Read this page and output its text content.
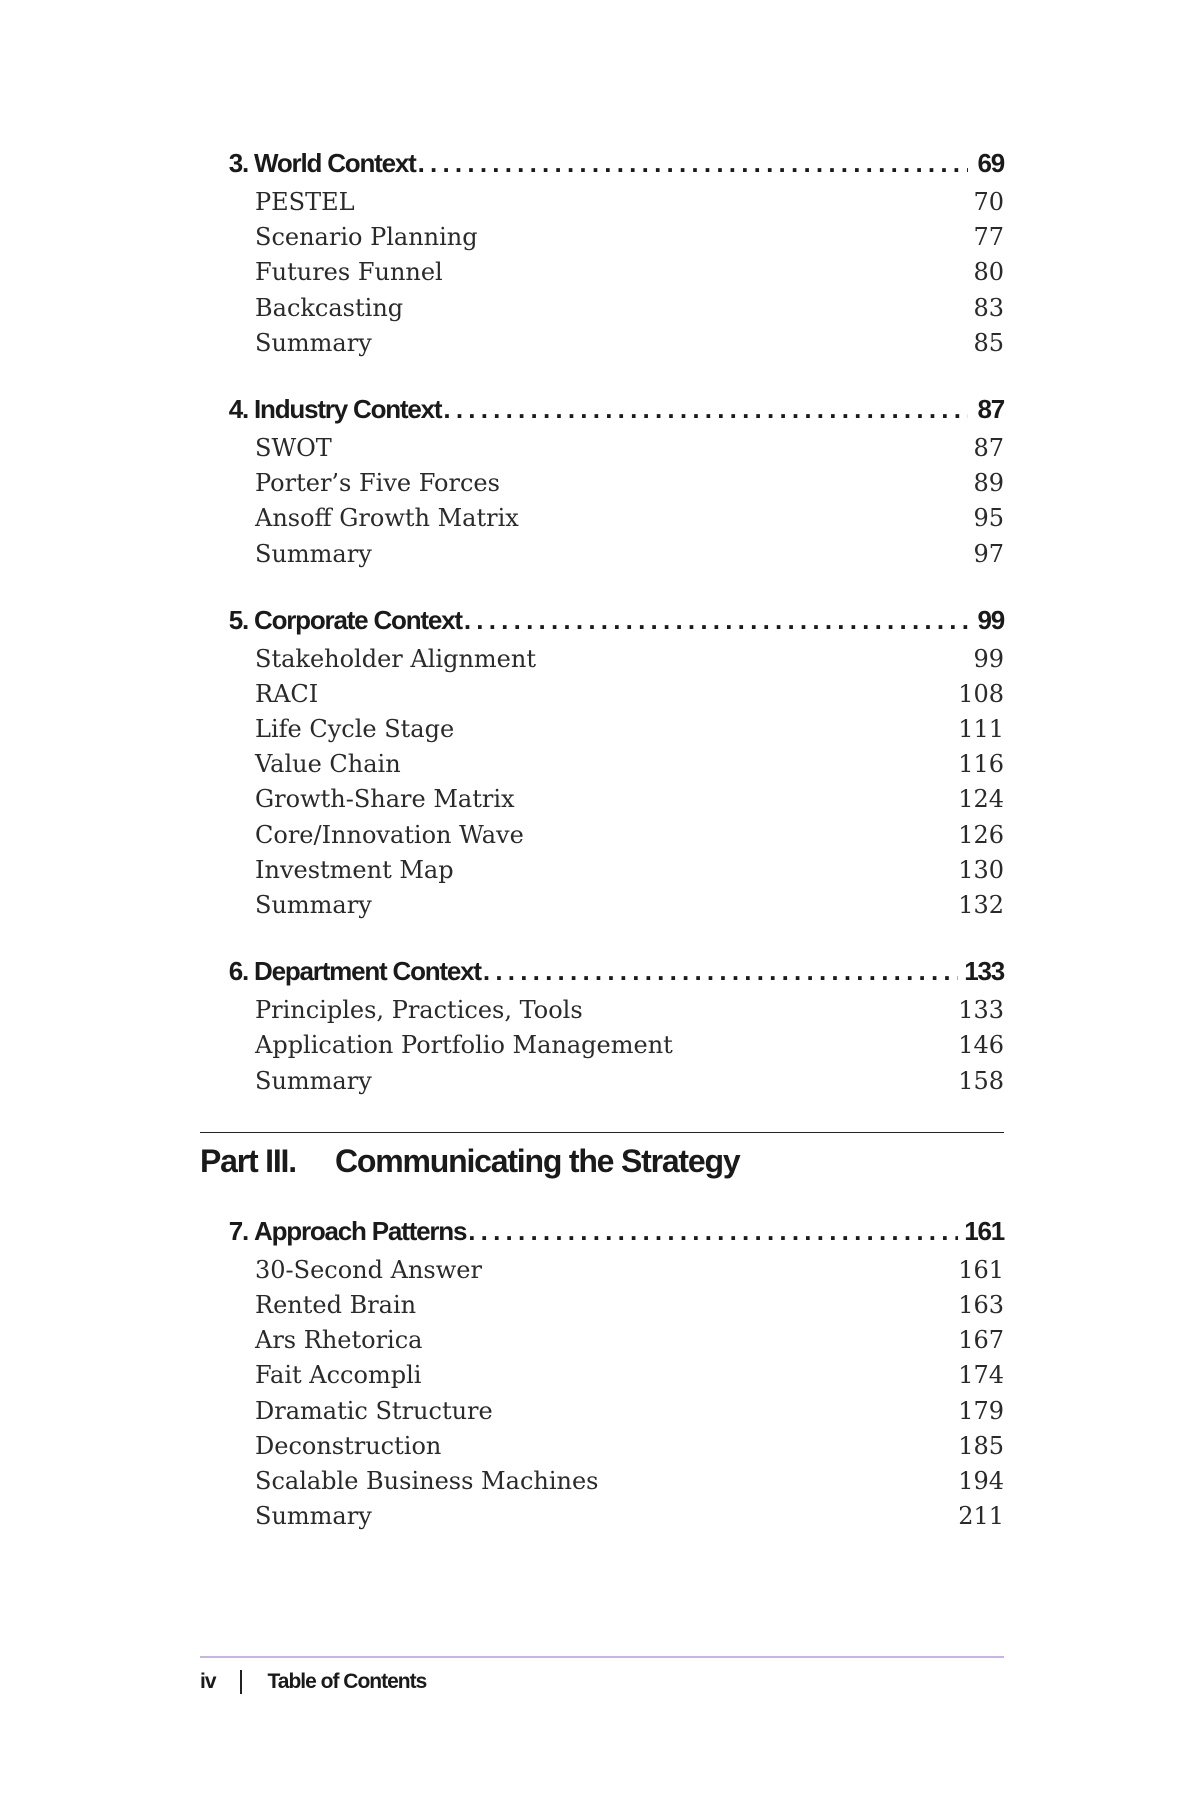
3. World Context . . .	69
PESTEL	70
Scenario Planning	77
Futures Funnel	80
Backcasting	83
Summary	85
4. Industry Context . . .	87
SWOT	87
Porter’s Five Forces	89
Ansoff Growth Matrix	95
Summary	97
5. Corporate Context . . .	99
Stakeholder Alignment	99
RACI	108
Life Cycle Stage	111
Value Chain	116
Growth-Share Matrix	124
Core/Innovation Wave	126
Investment Map	130
Summary	132
6. Department Context . . .	133
Principles, Practices, Tools	133
Application Portfolio Management	146
Summary	158
Part III.	Communicating the Strategy
7. Approach Patterns . . .	161
30-Second Answer	161
Rented Brain	163
Ars Rhetorica	167
Fait Accompli	174
Dramatic Structure	179
Deconstruction	185
Scalable Business Machines	194
Summary	211
iv Table of Contents
